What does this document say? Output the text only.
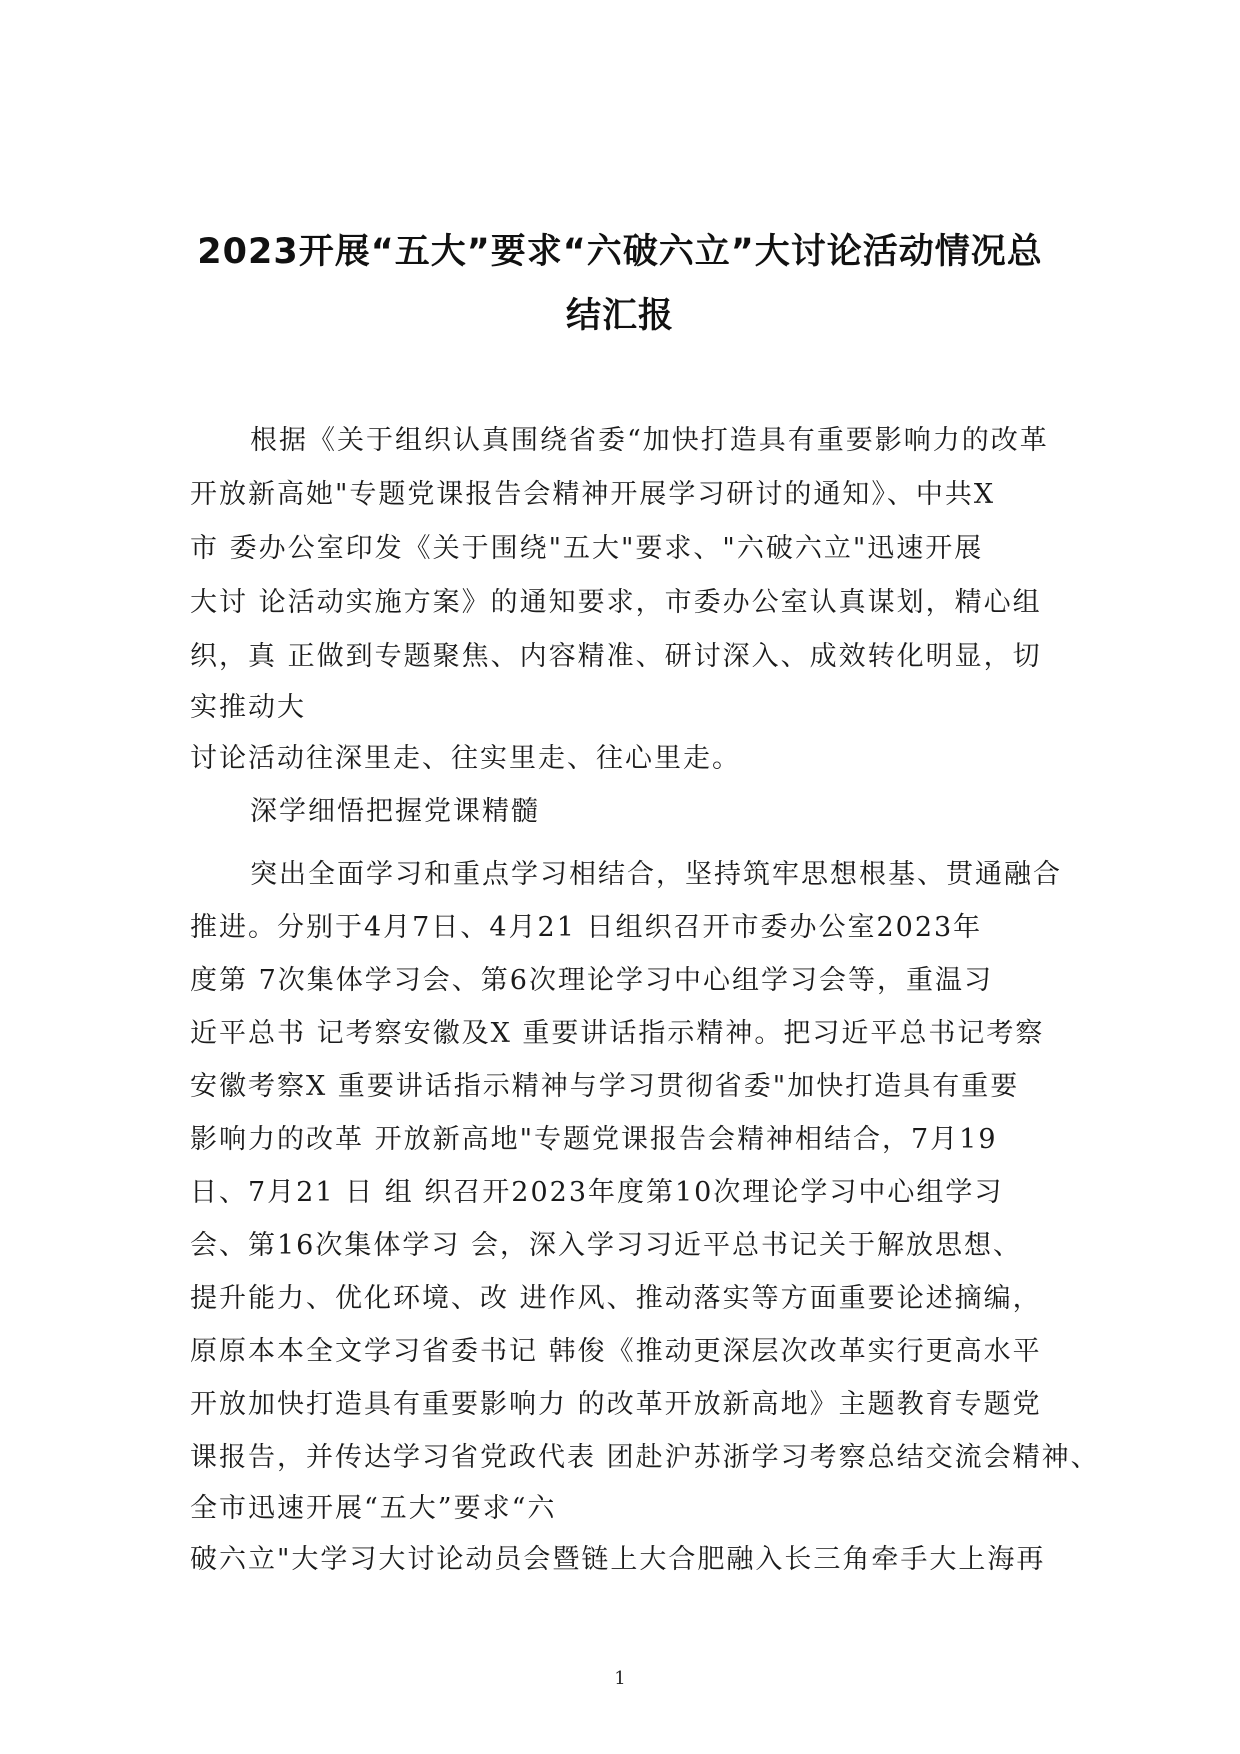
2023开展“五大”要求“六破六立”大讨论活动情况总
结汇报
根据《关于组织认真围绕省委“加快打造具有重要影响力的改革
开放新高她"专题党课报告会精神开展学习研讨的通知》、中共X
市 委办公室印发《关于围绕"五大"要求、"六破六立"迅速开展
大讨 论活动实施方案》的通知要求，市委办公室认真谋划，精心组
织，真 正做到专题聚焦、内容精准、研讨深入、成效转化明显，切
实推动大
讨论活动往深里走、往实里走、往心里走。
深学细悟把握党课精髓
突出全面学习和重点学习相结合，坚持筑牢思想根基、贯通融合
推进。分别于4月7日、4月21 日组织召开市委办公室2023年
度第 7次集体学习会、第6次理论学习中心组学习会等，重温习
近平总书 记考察安徽及X 重要讲话指示精神。把习近平总书记考察
安徽考察X 重要讲话指示精神与学习贯彻省委"加快打造具有重要
影响力的改革 开放新高地"专题党课报告会精神相结合，7月19
日、7月21 日 组 织召开2023年度第10次理论学习中心组学习
会、第16次集体学习 会，深入学习习近平总书记关于解放思想、
提升能力、优化环境、改 进作风、推动落实等方面重要论述摘编，
原原本本全文学习省委书记 韩俊《推动更深层次改革实行更高水平
开放加快打造具有重要影响力 的改革开放新高地》主题教育专题党
课报告，并传达学习省党政代表 团赴沪苏浙学习考察总结交流会精神、
全市迅速开展“五大”要求“六
破六立"大学习大讨论动员会暨链上大合肥融入长三角牵手大上海再
1
